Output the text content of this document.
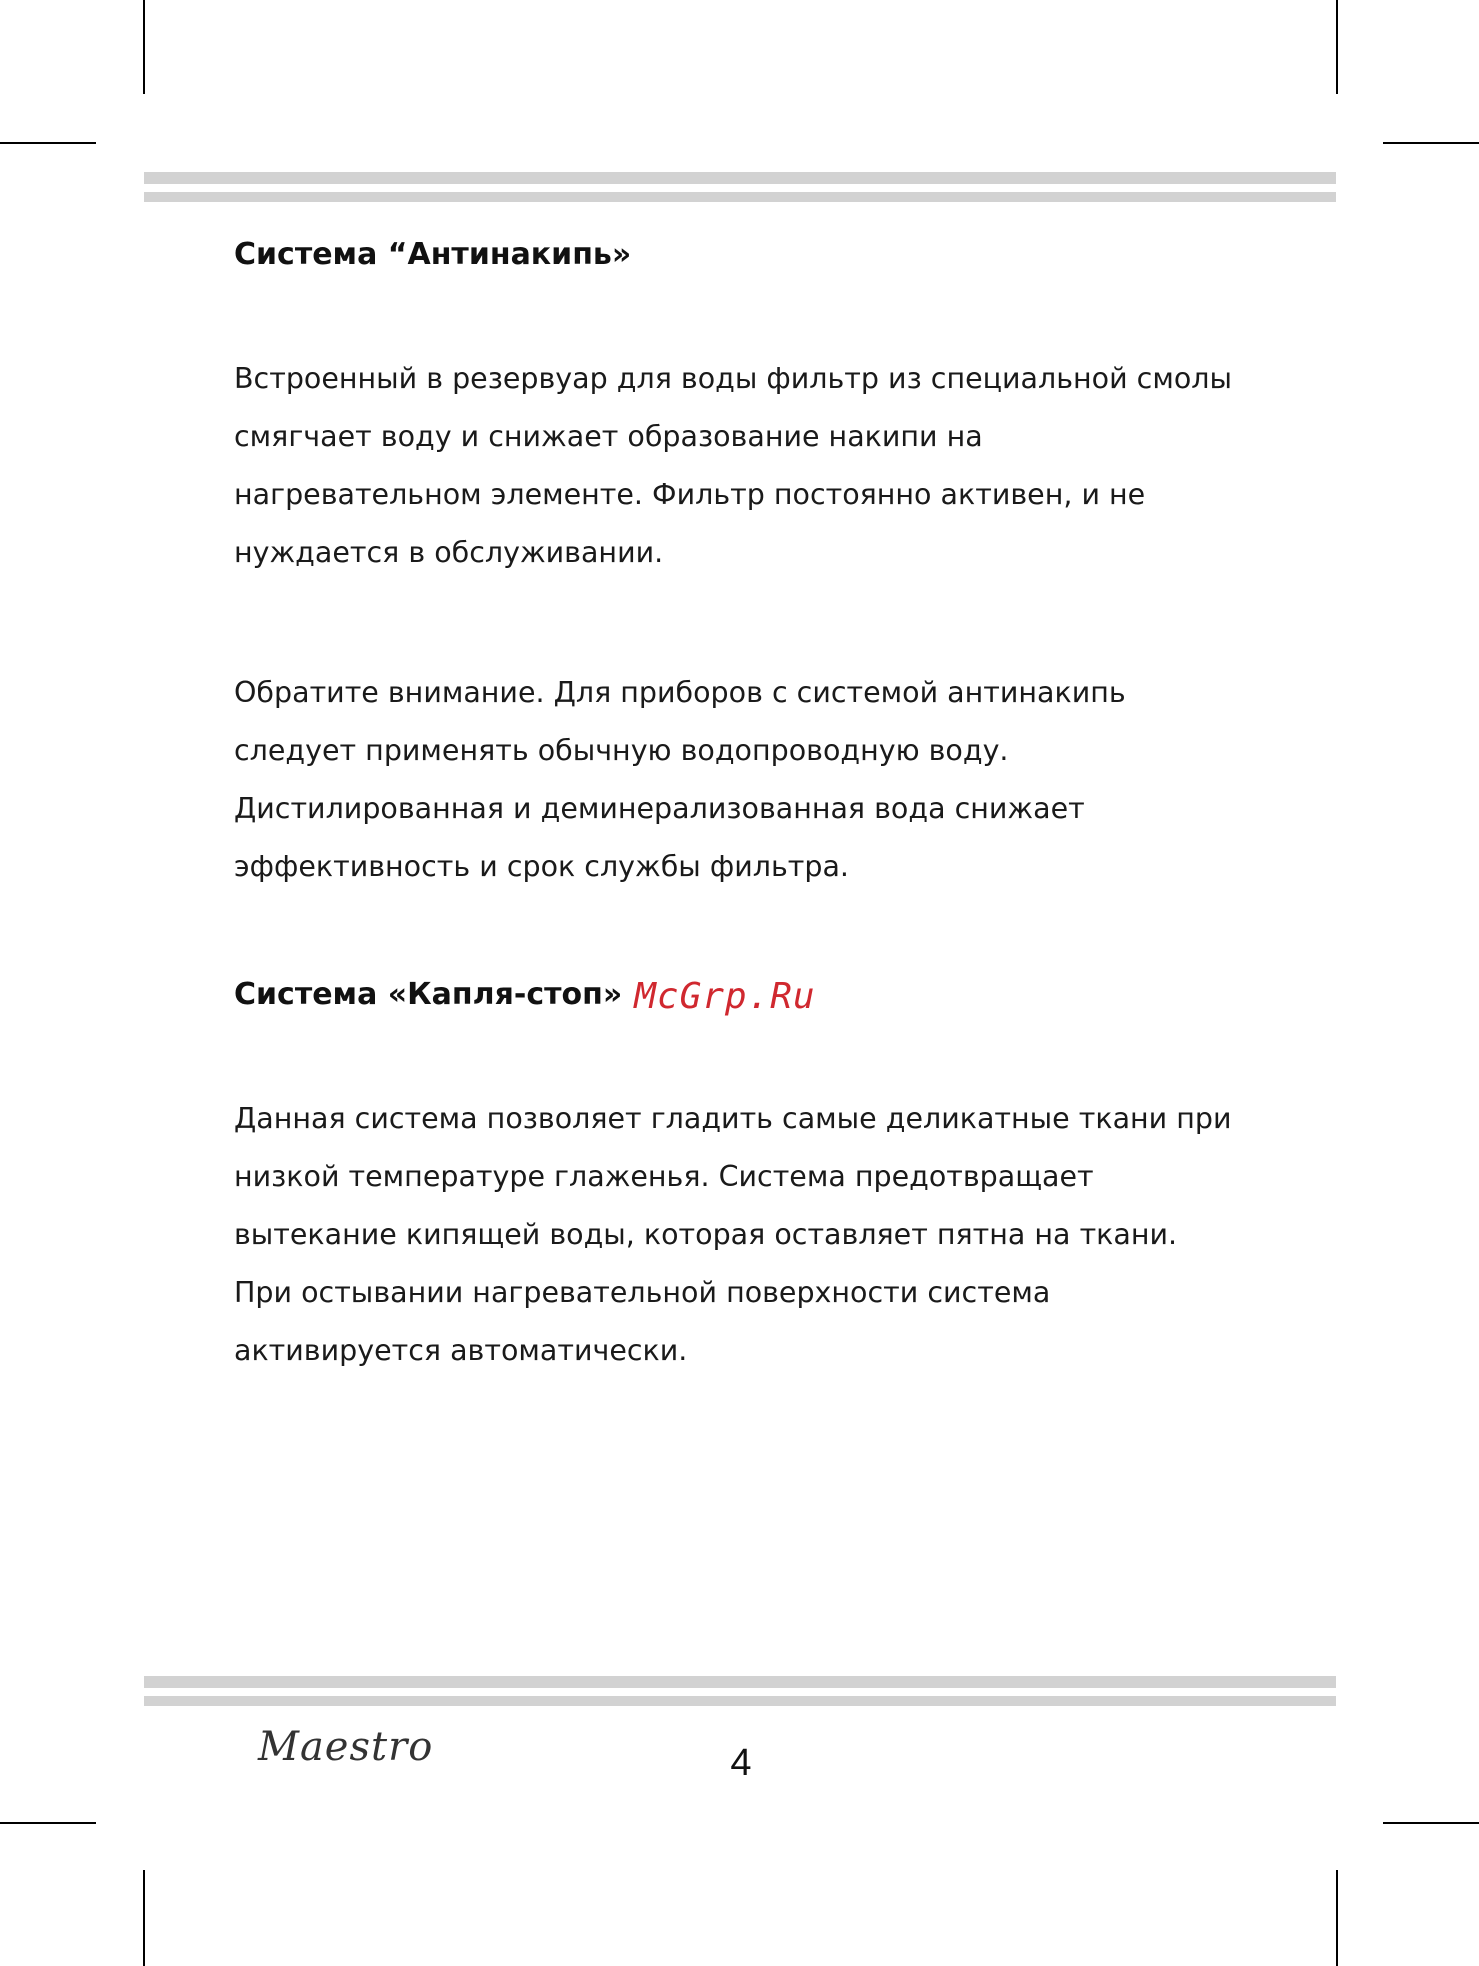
Система “Антинакипь»

Встроенный в резервуар для воды фильтр из специальной смолы
смягчает воду и снижает образование накипи на
нагревательном элементе. Фильтр постоянно активен, и не
нуждается в обслуживании.

Обратите внимание. Для приборов с системой антинакипь
следует применять обычную водопроводную воду.
Дистилированная и деминерализованная вода снижает
эффективность и срок службы фильтра.

Система «Капля-стоп» McGrp.Ru

Данная система позволяет гладить самые деликатные ткани при
низкой температуре глаженья. Система предотвращает
вытекание кипящей воды, которая оставляет пятна на ткани.
При остывании нагревательной поверхности система
активируется автоматически.

Maestro	4
